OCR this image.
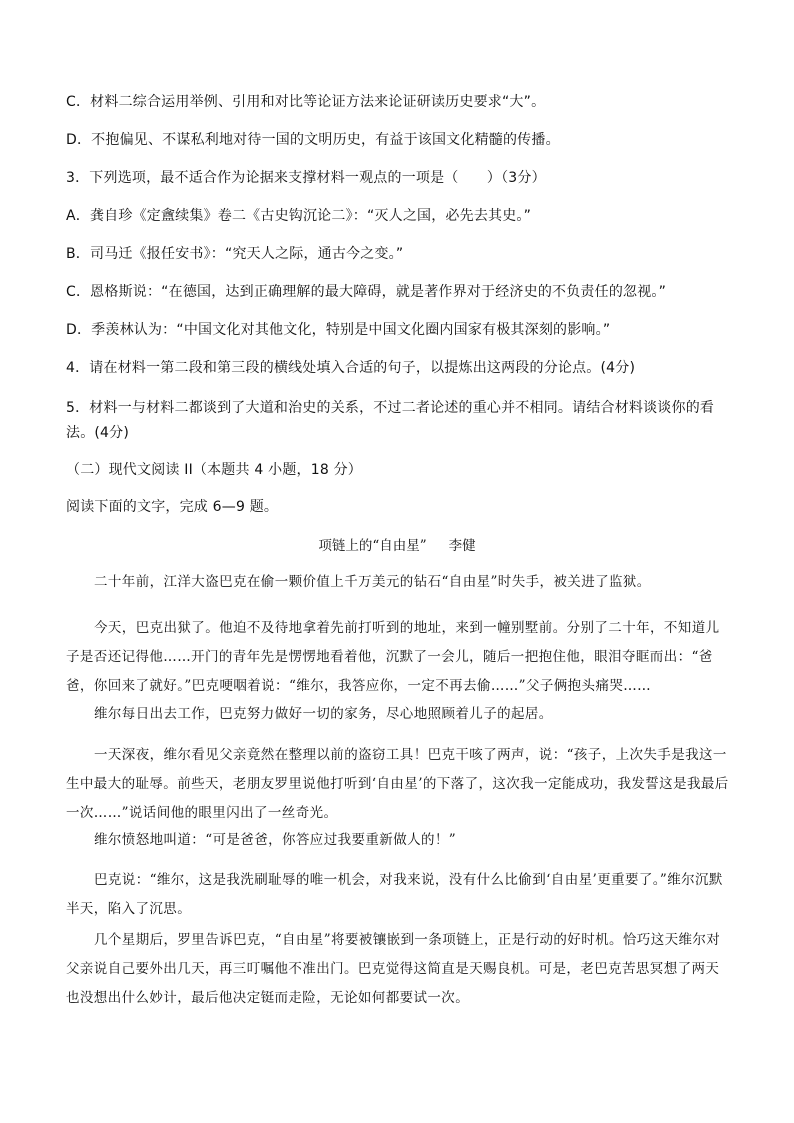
C．材料二综合运用举例、引用和对比等论证方法来论证研读历史要求“大”。
D．不抱偏见、不谋私利地对待一国的文明历史，有益于该国文化精髓的传播。
3．下列选项，最不适合作为论据来支撑材料一观点的一项是（　　）（3分）
A．龚自珍《定盦续集》卷二《古史钩沉论二》：“灭人之国，必先去其史。”
B．司马迁《报任安书》：“究天人之际，通古今之变。”
C．恩格斯说：“在德国，达到正确理解的最大障碍，就是著作界对于经济史的不负责任的忽视。”
D．季羡林认为：“中国文化对其他文化，特别是中国文化圈内国家有极其深刻的影响。”
4．请在材料一第二段和第三段的横线处填入合适的句子，以提炼出这两段的分论点。(4分)
5．材料一与材料二都谈到了大道和治史的关系，不过二者论述的重心并不相同。请结合材料谈谈你的看法。(4分)
（二）现代文阅读 II（本题共 4 小题，18 分）
阅读下面的文字，完成 6—9 题。
项链上的“自由星” 李健
二十年前，江洋大盗巴克在偷一颗价值上千万美元的钻石“自由星”时失手，被关进了监狱。
今天，巴克出狱了。他迫不及待地拿着先前打听到的地址，来到一幢别墅前。分别了二十年，不知道儿子是否还记得他……开门的青年先是愣愣地看着他，沉默了一会儿，随后一把抱住他，眼泪夺眶而出：“爸爸，你回来了就好。”巴克哽咽着说：“维尔，我答应你，一定不再去偷……”父子俩抱头痛哭……
维尔每日出去工作，巴克努力做好一切的家务，尽心地照顾着儿子的起居。
一天深夜，维尔看见父亲竟然在整理以前的盗窃工具！巴克干咳了两声，说：“孩子，上次失手是我这一生中最大的耻辱。前些天，老朋友罗里说他打听到‘自由星’的下落了，这次我一定能成功，我发誓这是我最后一次……”说话间他的眼里闪出了一丝奇光。
维尔愤怒地叫道：“可是爸爸，你答应过我要重新做人的！”
巴克说：“维尔，这是我洗刷耻辱的唯一机会，对我来说，没有什么比偷到‘自由星’更重要了。”维尔沉默半天，陷入了沉思。
几个星期后，罗里告诉巴克，“自由星”将要被镶嵌到一条项链上，正是行动的好时机。恰巧这天维尔对父亲说自己要外出几天，再三叮嘱他不准出门。巴克觉得这简直是天赐良机。可是，老巴克苦思冥想了两天也没想出什么妙计，最后他决定铤而走险，无论如何都要试一次。
